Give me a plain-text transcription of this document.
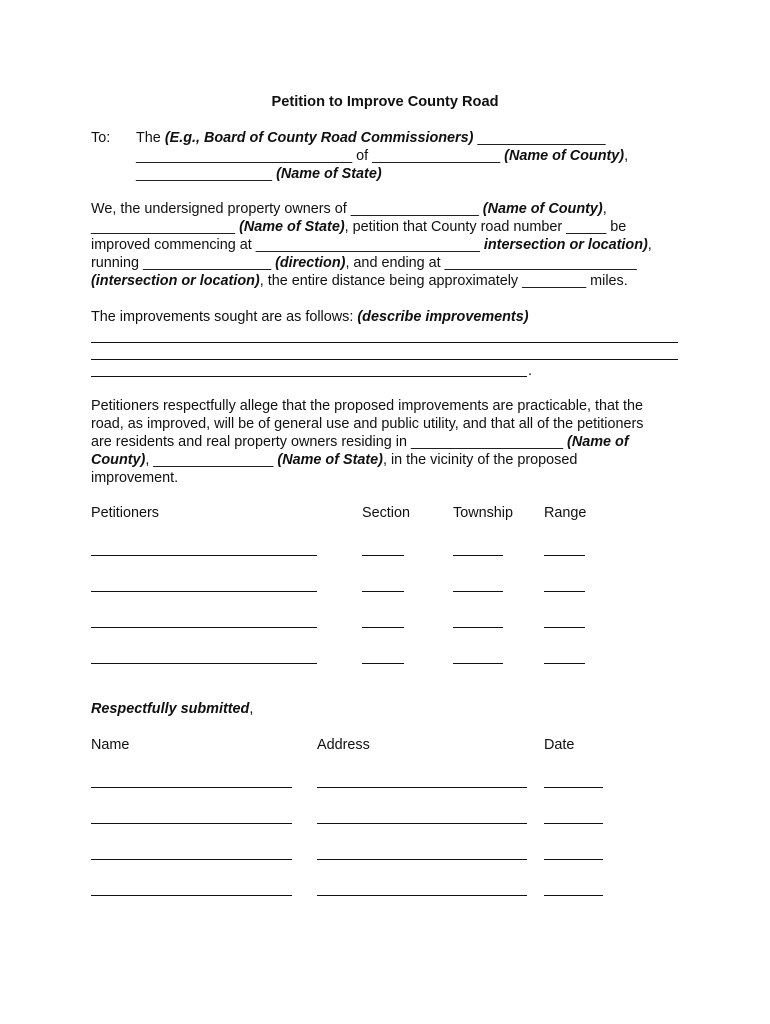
Petition to Improve County Road
To: The (E.g., Board of County Road Commissioners) ________________
___________________________ of ________________ (Name of County),
_________________ (Name of State)
We, the undersigned property owners of ________________ (Name of County),
__________________ (Name of State), petition that County road number _____ be
improved commencing at ____________________________ intersection or location),
running ________________ (direction), and ending at ________________________
(intersection or location), the entire distance being approximately ________ miles.
The improvements sought are as follows: (describe improvements)
.
Petitioners respectfully allege that the proposed improvements are practicable, that the
road, as improved, will be of general use and public utility, and that all of the petitioners
are residents and real property owners residing in ___________________ (Name of
County), _______________ (Name of State), in the vicinity of the proposed
improvement.
Petitioners	Section	Township Range
Respectfully submitted,
Name	Address	Date
